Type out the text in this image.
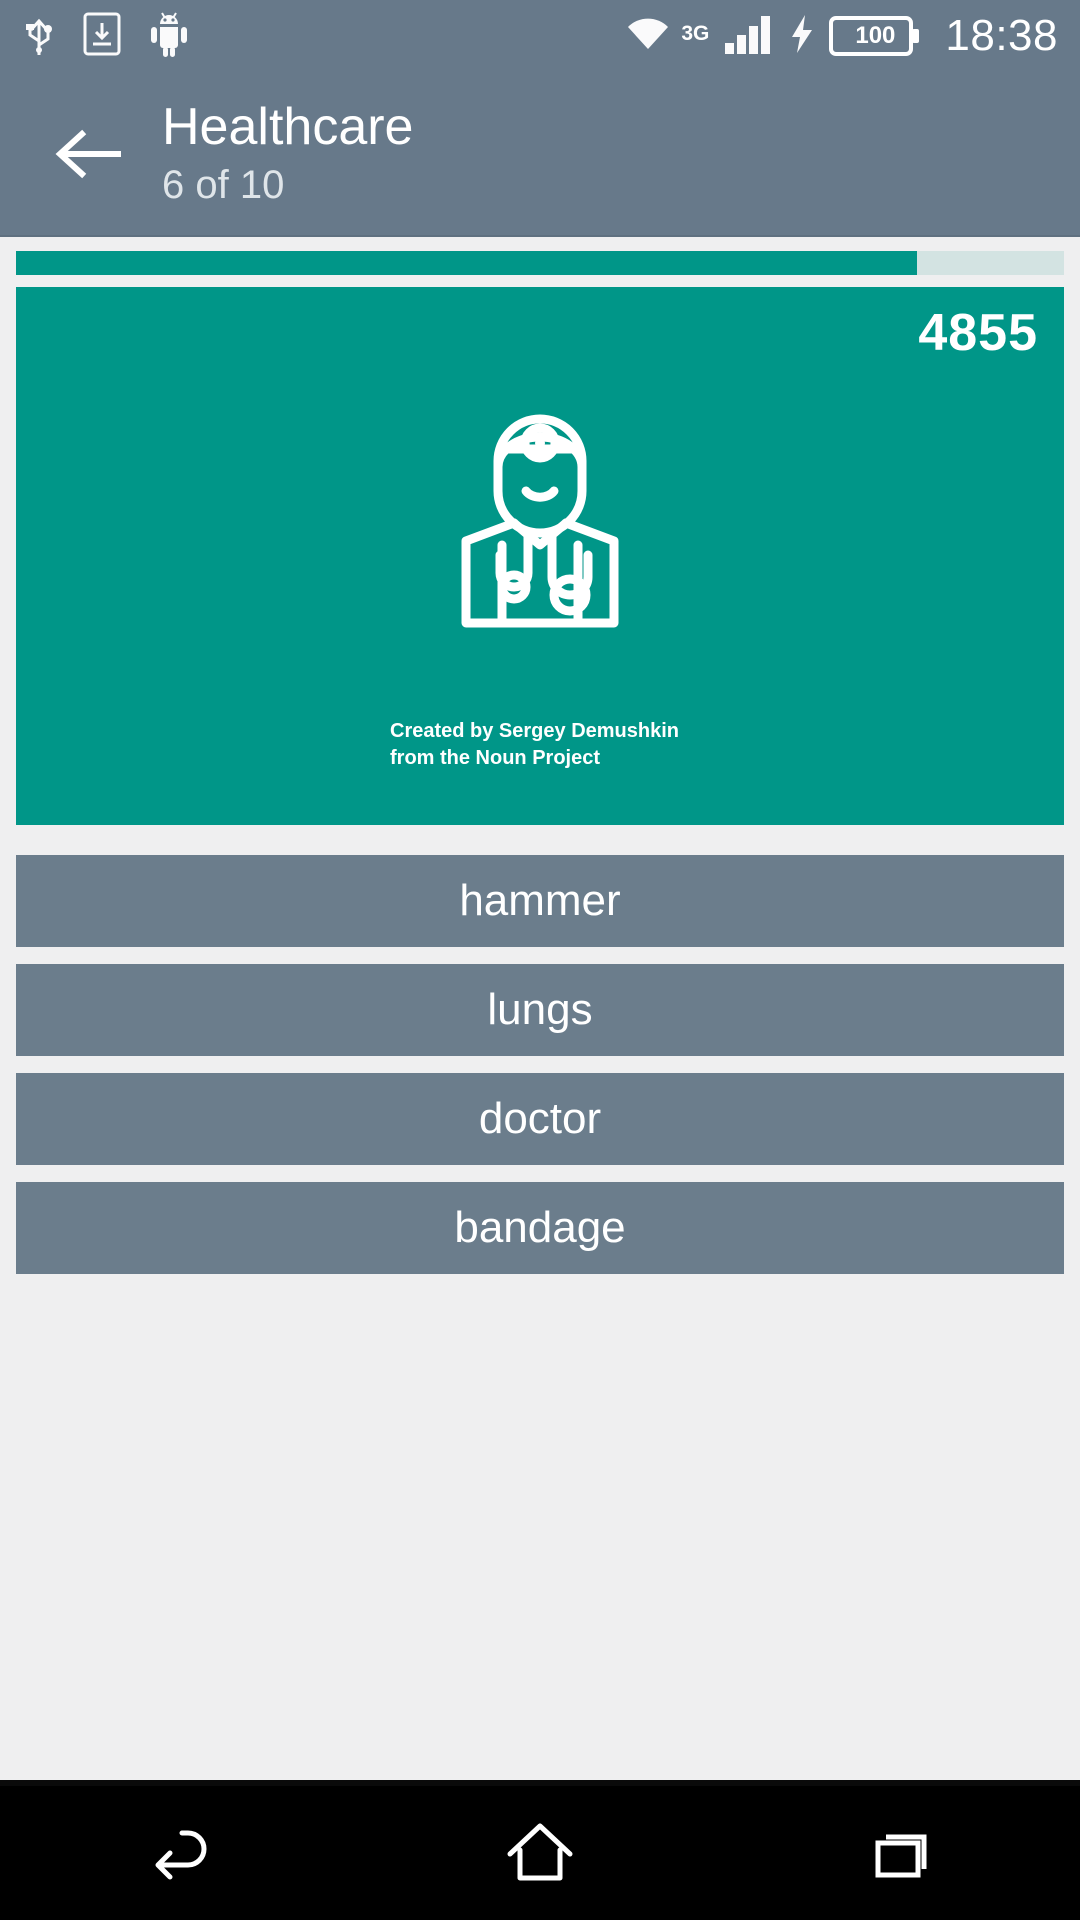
3G	100	18:38
Healthcare
6 of 10
4855
Created by Sergey Demushkin
from the Noun Project
hammer
lungs
doctor
bandage
